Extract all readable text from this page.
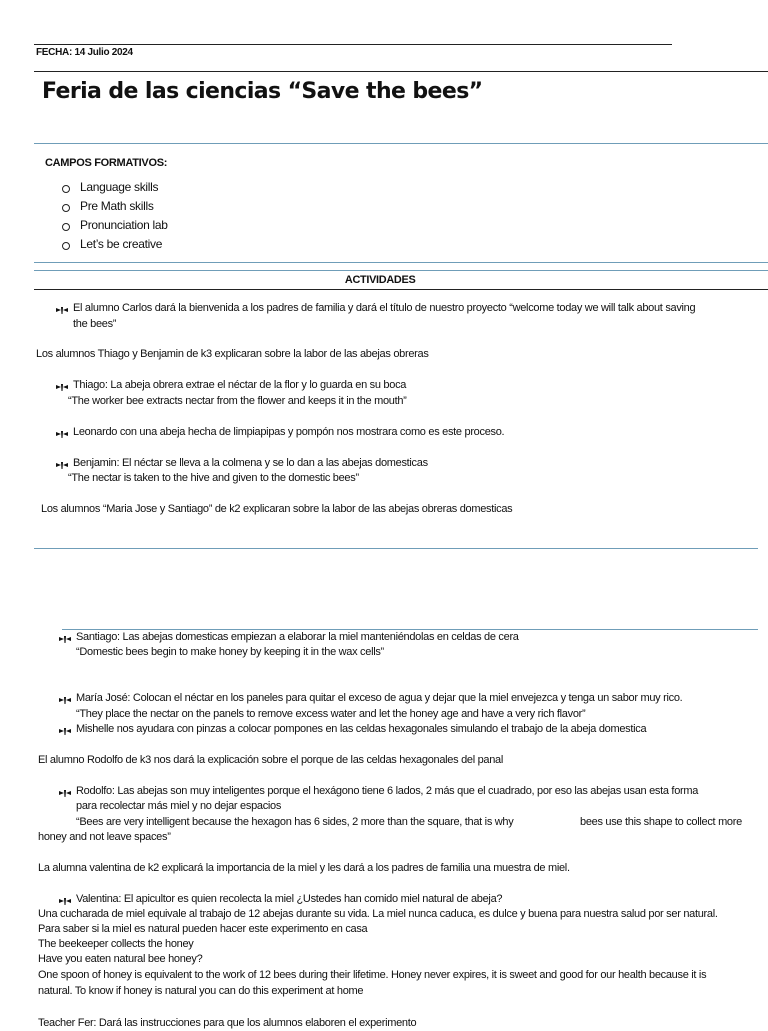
FECHA: 14 Julio 2024
Feria de las ciencias “Save the bees”
CAMPOS FORMATIVOS:
Language skills
Pre Math skills
Pronunciation lab
Let’s be creative
ACTIVIDADES
El alumno Carlos dará la bienvenida a los padres de familia y dará el título de nuestro proyecto “welcome today we will talk about saving
the bees”
Los alumnos Thiago y Benjamin de k3 explicaran sobre la labor de las abejas obreras
Thiago: La abeja obrera extrae el néctar de la flor y lo guarda en su boca
“The worker bee extracts nectar from the flower and keeps it in the mouth”
Leonardo con una abeja hecha de limpiapipas y pompón nos mostrara como es este proceso.
Benjamin: El néctar se lleva a la colmena y se lo dan a las abejas domesticas
“The nectar is taken to the hive and given to the domestic bees”
Los alumnos “Maria Jose y Santiago” de k2 explicaran sobre la labor de las abejas obreras domesticas
Santiago: Las abejas domesticas empiezan a elaborar la miel manteniéndolas en celdas de cera
“Domestic bees begin to make honey by keeping it in the wax cells”
María José: Colocan el néctar en los paneles para quitar el exceso de agua y dejar que la miel envejezca y tenga un sabor muy rico.
“They place the nectar on the panels to remove excess water and let the honey age and have a very rich flavor”
Mishelle nos ayudara con pinzas a colocar pompones en las celdas hexagonales simulando el trabajo de la abeja domestica
El alumno Rodolfo de k3 nos dará la explicación sobre el porque de las celdas hexagonales del panal
Rodolfo: Las abejas son muy inteligentes porque el hexágono tiene 6 lados, 2 más que el cuadrado, por eso las abejas usan esta forma
para recolectar más miel y no dejar espacios
“Bees are very intelligent because the hexagon has 6 sides, 2 more than the square, that is why	bees use this shape to collect more
honey and not leave spaces”
La alumna valentina de k2 explicará la importancia de la miel y les dará a los padres de familia una muestra de miel.
Valentina: El apicultor es quien recolecta la miel ¿Ustedes han comido miel natural de abeja?
Una cucharada de miel equivale al trabajo de 12 abejas durante su vida. La miel nunca caduca, es dulce y buena para nuestra salud por ser natural.
Para saber si la miel es natural pueden hacer este experimento en casa
The beekeeper collects the honey
Have you eaten natural bee honey?
One spoon of honey is equivalent to the work of 12 bees during their lifetime. Honey never expires, it is sweet and good for our health because it is
natural. To know if honey is natural you can do this experiment at home
Teacher Fer: Dará las instrucciones para que los alumnos elaboren el experimento
